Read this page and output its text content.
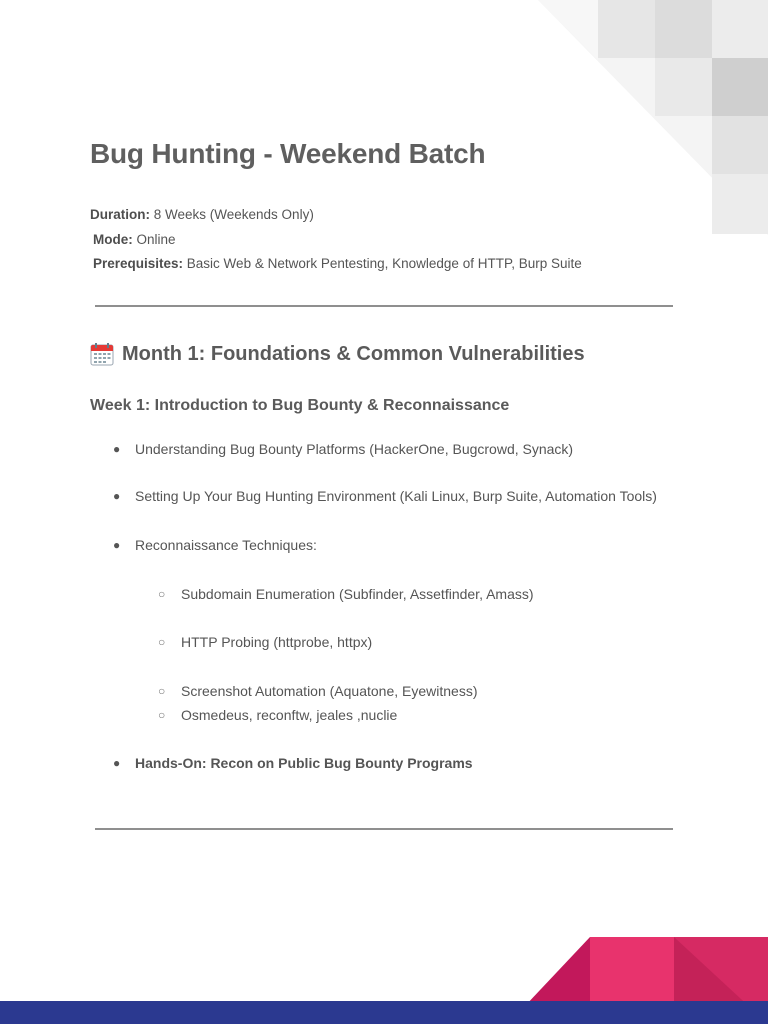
Bug Hunting - Weekend Batch
Duration: 8 Weeks (Weekends Only)
Mode: Online
Prerequisites: Basic Web & Network Pentesting, Knowledge of HTTP, Burp Suite
Month 1: Foundations & Common Vulnerabilities
Week 1: Introduction to Bug Bounty & Reconnaissance
● Understanding Bug Bounty Platforms (HackerOne, Bugcrowd, Synack)
● Setting Up Your Bug Hunting Environment (Kali Linux, Burp Suite, Automation Tools)
● Reconnaissance Techniques:
○ Subdomain Enumeration (Subfinder, Assetfinder, Amass)
○ HTTP Probing (httprobe, httpx)
○ Screenshot Automation (Aquatone, Eyewitness)
○ Osmedeus, reconftw, jeales ,nuclie
● Hands-On: Recon on Public Bug Bounty Programs
